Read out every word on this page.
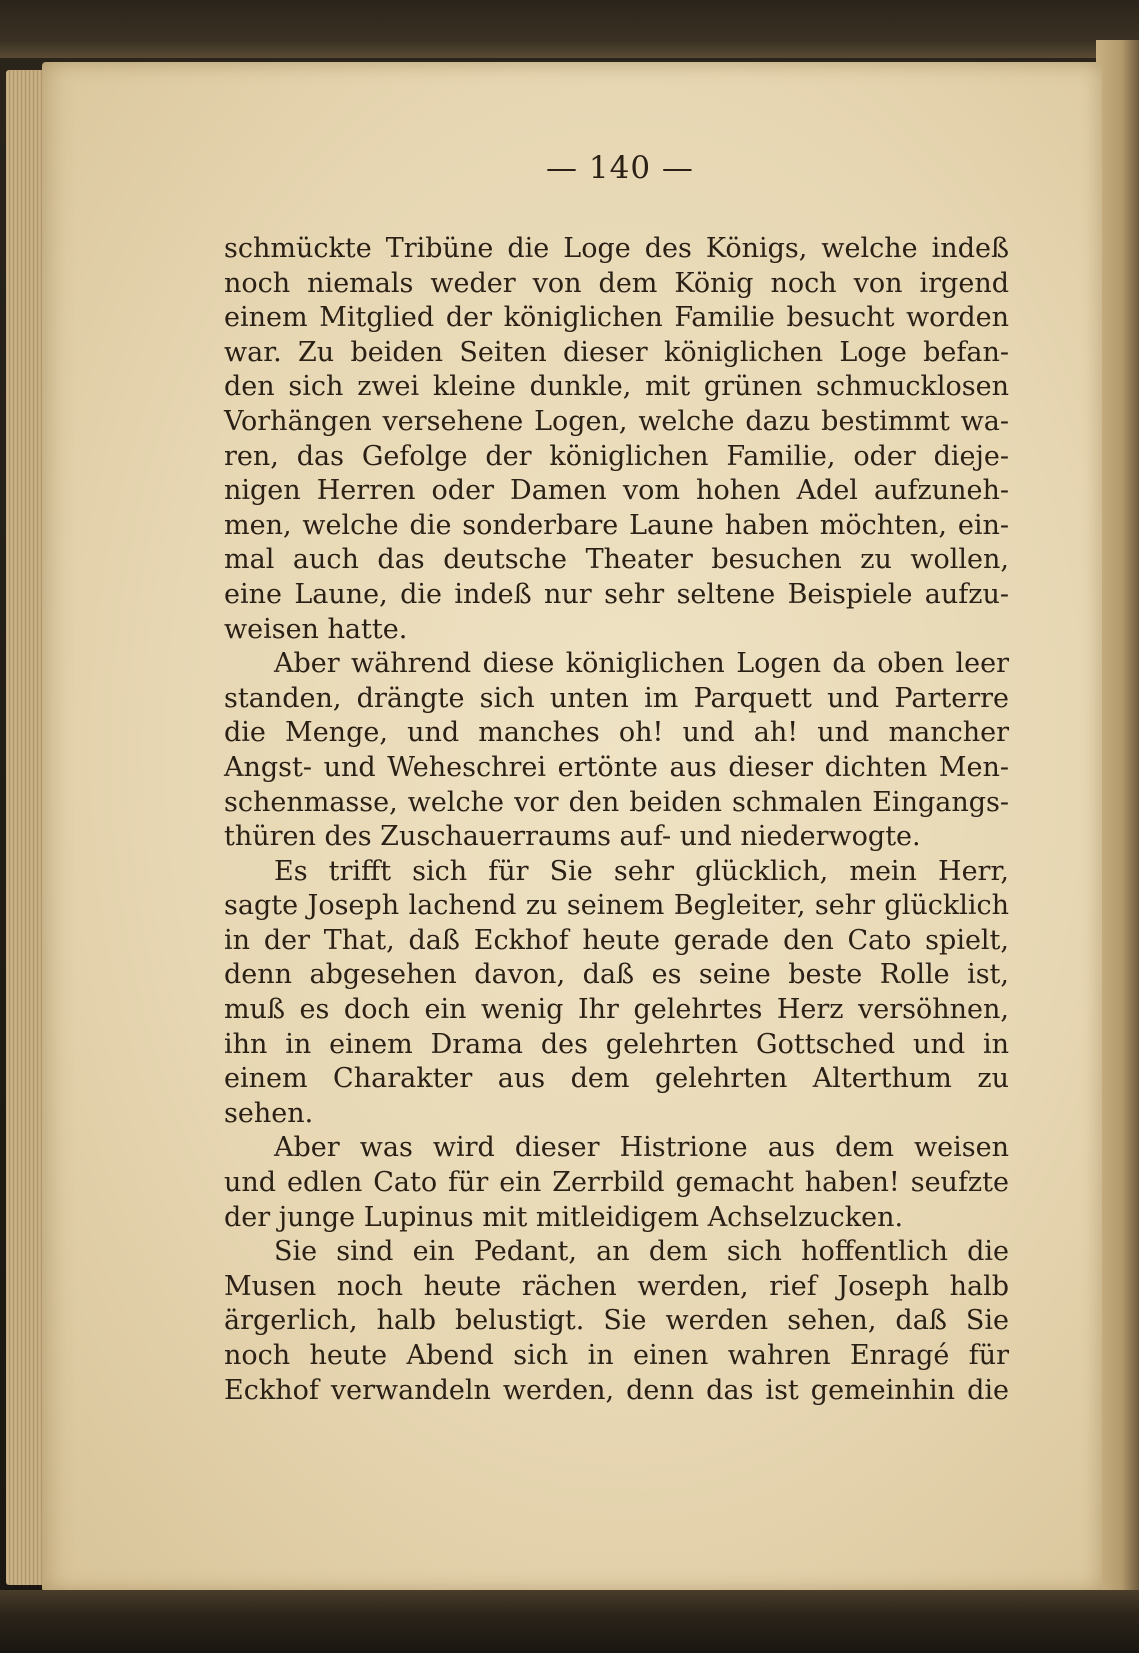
— 140 —
schmückte Tribüne die Loge des Königs, welche indeß
noch niemals weder von dem König noch von irgend
einem Mitglied der königlichen Familie besucht worden
war. Zu beiden Seiten dieser königlichen Loge befan-
den sich zwei kleine dunkle, mit grünen schmucklosen
Vorhängen versehene Logen, welche dazu bestimmt wa-
ren, das Gefolge der königlichen Familie, oder dieje-
nigen Herren oder Damen vom hohen Adel aufzuneh-
men, welche die sonderbare Laune haben möchten, ein-
mal auch das deutsche Theater besuchen zu wollen,
eine Laune, die indeß nur sehr seltene Beispiele aufzu-
weisen hatte.
Aber während diese königlichen Logen da oben leer
standen, drängte sich unten im Parquett und Parterre
die Menge, und manches oh! und ah! und mancher
Angst- und Weheschrei ertönte aus dieser dichten Men-
schenmasse, welche vor den beiden schmalen Eingangs-
thüren des Zuschauerraums auf- und niederwogte.
Es trifft sich für Sie sehr glücklich, mein Herr,
sagte Joseph lachend zu seinem Begleiter, sehr glücklich
in der That, daß Eckhof heute gerade den Cato spielt,
denn abgesehen davon, daß es seine beste Rolle ist,
muß es doch ein wenig Ihr gelehrtes Herz versöhnen,
ihn in einem Drama des gelehrten Gottsched und in
einem Charakter aus dem gelehrten Alterthum zu
sehen.
Aber was wird dieser Histrione aus dem weisen
und edlen Cato für ein Zerrbild gemacht haben! seufzte
der junge Lupinus mit mitleidigem Achselzucken.
Sie sind ein Pedant, an dem sich hoffentlich die
Musen noch heute rächen werden, rief Joseph halb
ärgerlich, halb belustigt. Sie werden sehen, daß Sie
noch heute Abend sich in einen wahren Enragé für
Eckhof verwandeln werden, denn das ist gemeinhin die
